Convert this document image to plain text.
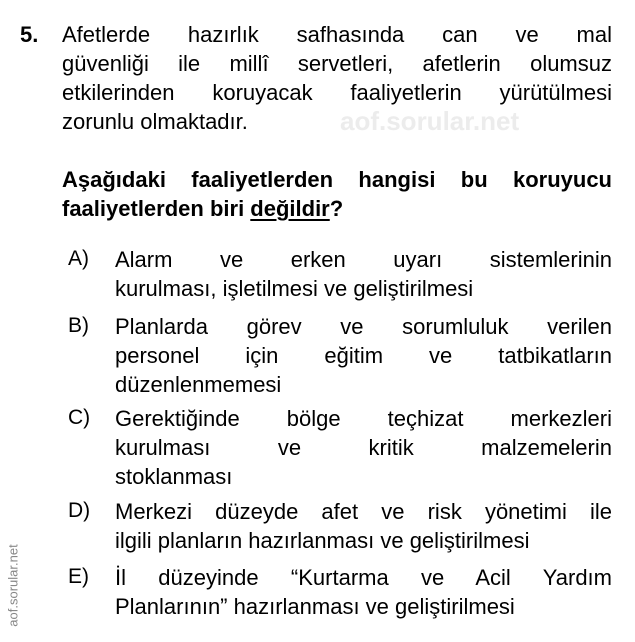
aof.sorular.net
aof.sorular.net
5. Afetlerde hazırlık safhasında can ve mal
güvenliği ile millî servetleri, afetlerin olumsuz
etkilerinden koruyacak faaliyetlerin yürütülmesi
zorunlu olmaktadır.
Aşağıdaki faaliyetlerden hangisi bu koruyucu
faaliyetlerden biri değildir?
A) Alarm ve erken uyarı sistemlerinin
kurulması, işletilmesi ve geliştirilmesi
B) Planlarda görev ve sorumluluk verilen
personel için eğitim ve tatbikatların
düzenlenmemesi
C) Gerektiğinde bölge teçhizat merkezleri
kurulması ve kritik malzemelerin
stoklanması
D) Merkezi düzeyde afet ve risk yönetimi ile
ilgili planların hazırlanması ve geliştirilmesi
E) İl düzeyinde “Kurtarma ve Acil Yardım
Planlarının” hazırlanması ve geliştirilmesi
